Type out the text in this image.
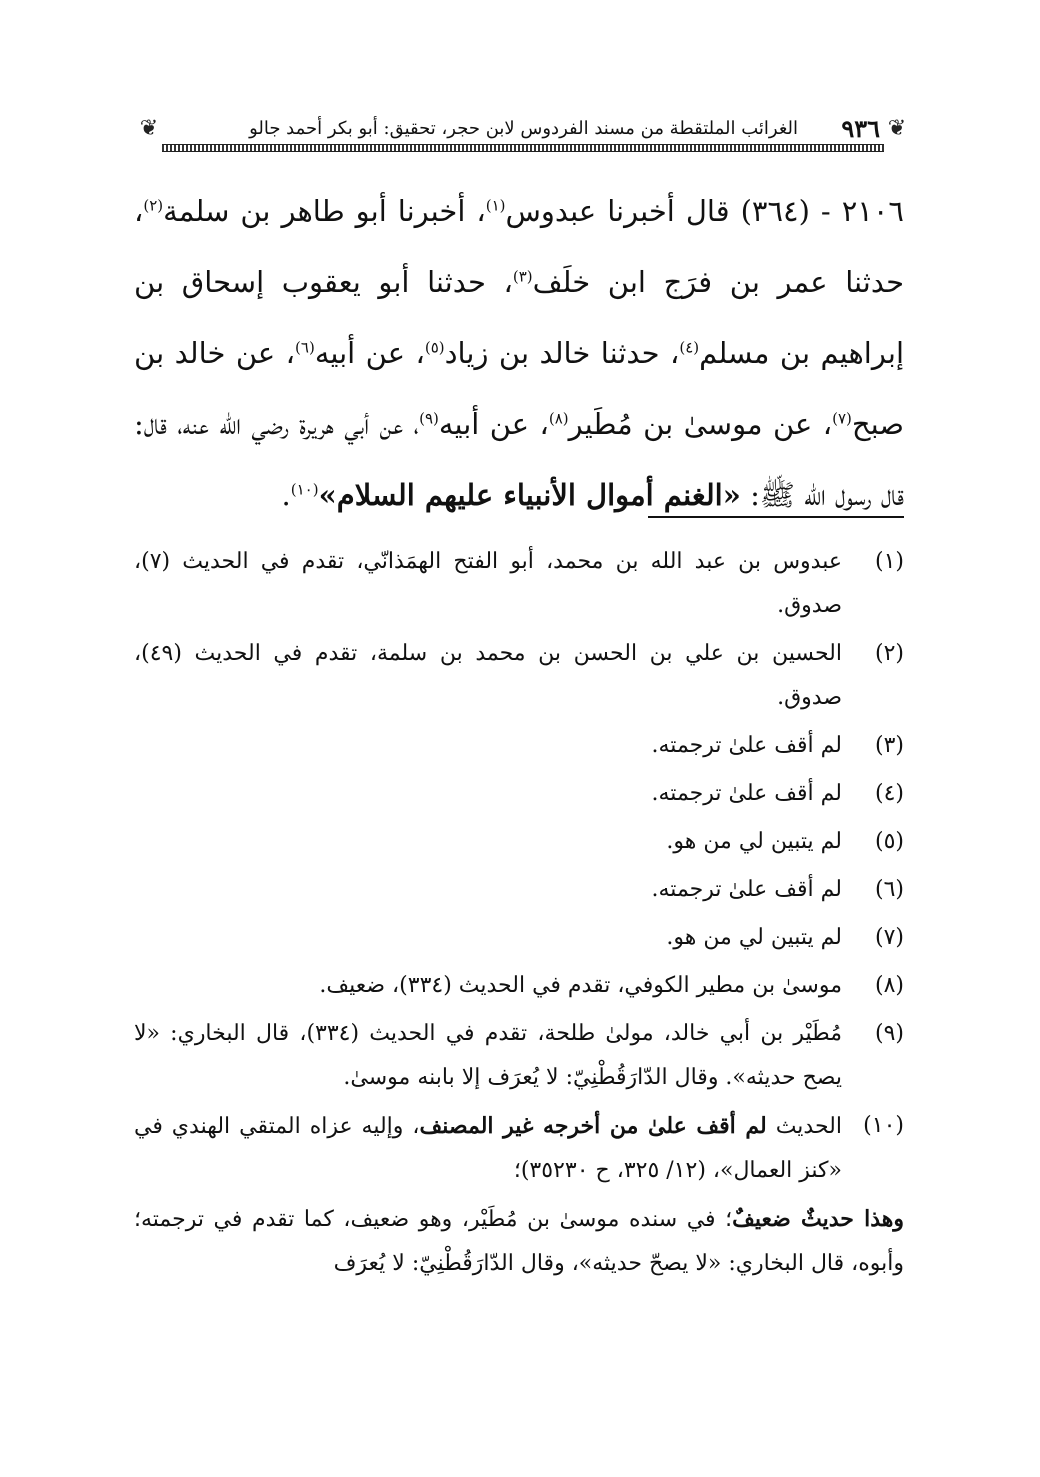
❦
٩٣٦
الغرائب الملتقطة من مسند الفردوس لابن حجر، تحقيق: أبو بكر أحمد جالو
❦

٢١٠٦ - (٣٦٤) قال أخبرنا عبدوس$^{(١)}$، أخبرنا أبو طاهر بن سلمة$^{(٢)}$، حدثنا عمر بن فرَج ابن خلَف$^{(٣)}$، حدثنا أبو يعقوب إسحاق بن إبراهيم بن مسلم$^{(٤)}$، حدثنا خالد بن زياد$^{(٥)}$، عن أبيه$^{(٦)}$، عن خالد بن صبح$^{(٧)}$، عن موسىٰ بن مُطَير$^{(٨)}$، عن أبيه$^{(٩)}$، عن أبي هريرة رضي الله عنه، قال: قال رسول الله ﷺ: «الغنم أموال الأنبياء عليهم السلام»$^{(١٠)}$.

(١)
عبدوس بن عبد الله بن محمد، أبو الفتح الهمَذانّي، تقدم في الحديث (٧)، صدوق.
(٢)
الحسين بن علي بن الحسن بن محمد بن سلمة، تقدم في الحديث (٤٩)، صدوق.
(٣)
لم أقف علىٰ ترجمته.
(٤)
لم أقف علىٰ ترجمته.
(٥)
لم يتبين لي من هو.
(٦)
لم أقف علىٰ ترجمته.
(٧)
لم يتبين لي من هو.
(٨)
موسىٰ بن مطير الكوفي، تقدم في الحديث (٣٣٤)، ضعيف.
(٩)
مُطَيْر بن أبي خالد، مولىٰ طلحة، تقدم في الحديث (٣٣٤)، قال البخاري: «لا يصح حديثه». وقال الدّارَقُطْنِيّ: لا يُعرَف إلا بابنه موسىٰ.
(١٠)
الحديث لم أقف علىٰ من أخرجه غير المصنف، وإليه عزاه المتقي الهندي في «كنز العمال»، (١٢/ ٣٢٥، ح ٣٥٢٣٠)؛
وهذا حديثٌ ضعيفٌ؛ في سنده موسىٰ بن مُطَيْر، وهو ضعيف، كما تقدم في ترجمته؛ وأبوه، قال البخاري: «لا يصحّ حديثه»، وقال الدّارَقُطْنِيّ: لا يُعرَف
